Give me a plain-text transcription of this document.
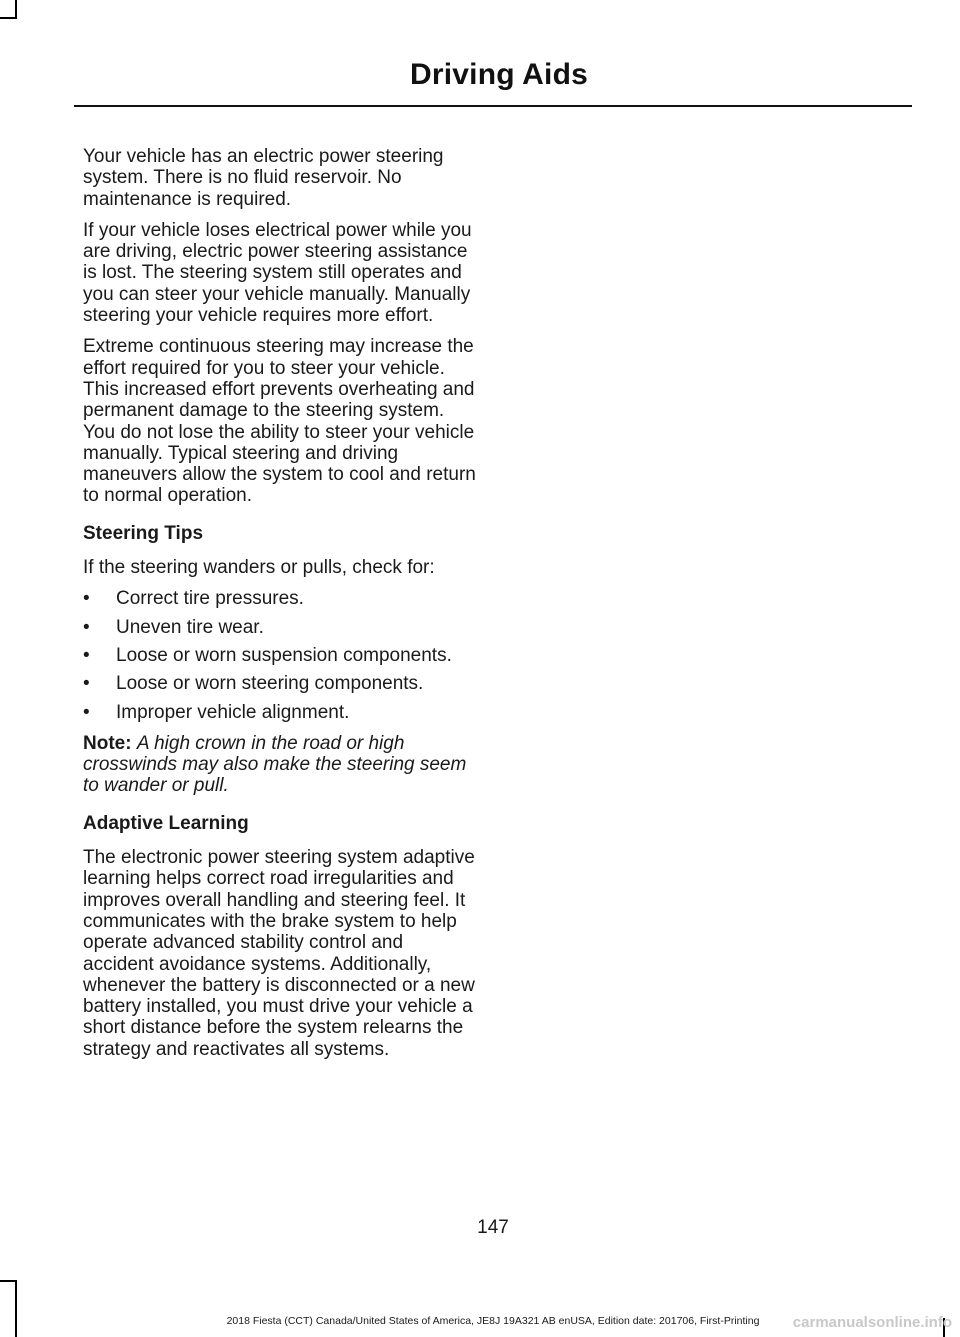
Driving Aids

Your vehicle has an electric power steering system. There is no fluid reservoir. No maintenance is required.

If your vehicle loses electrical power while you are driving, electric power steering assistance is lost. The steering system still operates and you can steer your vehicle manually. Manually steering your vehicle requires more effort.

Extreme continuous steering may increase the effort required for you to steer your vehicle. This increased effort prevents overheating and permanent damage to the steering system. You do not lose the ability to steer your vehicle manually. Typical steering and driving maneuvers allow the system to cool and return to normal operation.

Steering Tips

If the steering wanders or pulls, check for:

• Correct tire pressures.
• Uneven tire wear.
• Loose or worn suspension components.
• Loose or worn steering components.
• Improper vehicle alignment.

Note: A high crown in the road or high crosswinds may also make the steering seem to wander or pull.

Adaptive Learning

The electronic power steering system adaptive learning helps correct road irregularities and improves overall handling and steering feel. It communicates with the brake system to help operate advanced stability control and accident avoidance systems. Additionally, whenever the battery is disconnected or a new battery installed, you must drive your vehicle a short distance before the system relearns the strategy and reactivates all systems.

147
2018 Fiesta (CCT) Canada/United States of America, JE8J 19A321 AB enUSA, Edition date: 201706, First-Printing	carmanualsonline.info
